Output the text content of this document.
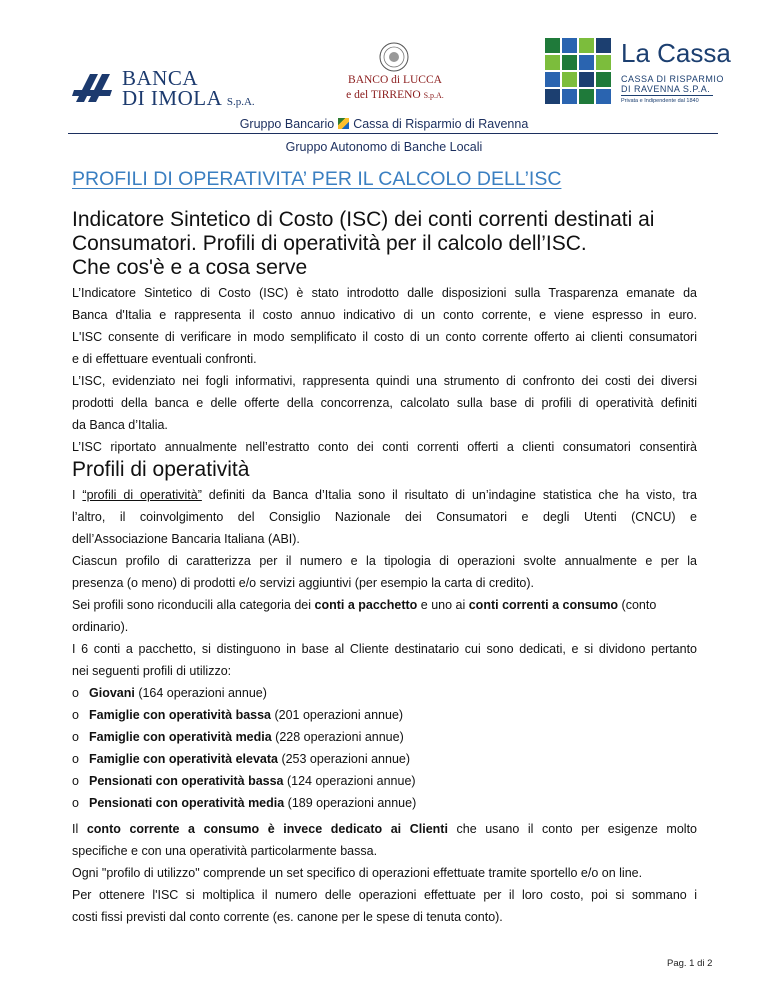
BANCA
DI IMOLA S.p.A.
BANCO di LUCCA
e del TIRRENO S.p.A.
La Cassa
CASSA DI RISPARMIO
DI RAVENNA S.P.A.
Privata e Indipendente dal 1840
Gruppo Bancario Cassa di Risparmio di Ravenna
Gruppo Autonomo di Banche Locali
PROFILI DI OPERATIVITA’ PER IL CALCOLO DELL’ISC
Indicatore Sintetico di Costo (ISC) dei conti correnti destinati ai
Consumatori. Profili di operatività per il calcolo dell’ISC.
Che cos'è e a cosa serve
L’Indicatore Sintetico di Costo (ISC) è stato introdotto dalle disposizioni sulla Trasparenza emanate da
Banca d'Italia e rappresenta il costo annuo indicativo di un conto corrente, e viene espresso in euro.
L'ISC consente di verificare in modo semplificato il costo di un conto corrente offerto ai clienti consumatori
e di effettuare eventuali confronti.
L’ISC, evidenziato nei fogli informativi, rappresenta quindi una strumento di confronto dei costi dei diversi
prodotti della banca e delle offerte della concorrenza, calcolato sulla base di profili di operatività definiti
da Banca d’Italia.
L’ISC riportato annualmente nell’estratto conto dei conti correnti offerti a clienti consumatori consentirà
Profili di operatività
I “profili di operatività” definiti da Banca d’Italia sono il risultato di un’indagine statistica che ha visto, tra
l’altro, il coinvolgimento del Consiglio Nazionale dei Consumatori e degli Utenti (CNCU) e
dell’Associazione Bancaria Italiana (ABI).
Ciascun profilo di caratterizza per il numero e la tipologia di operazioni svolte annualmente e per la
presenza (o meno) di prodotti e/o servizi aggiuntivi (per esempio la carta di credito).
Sei profili sono riconducili alla categoria dei conti a pacchetto e uno ai conti correnti a consumo (conto
ordinario).
I 6 conti a pacchetto, si distinguono in base al Cliente destinatario cui sono dedicati, e si dividono pertanto
nei seguenti profili di utilizzo:
o Giovani (164 operazioni annue)
o Famiglie con operatività bassa (201 operazioni annue)
o Famiglie con operatività media (228 operazioni annue)
o Famiglie con operatività elevata (253 operazioni annue)
o Pensionati con operatività bassa (124 operazioni annue)
o Pensionati con operatività media (189 operazioni annue)
Il conto corrente a consumo è invece dedicato ai Clienti che usano il conto per esigenze molto
specifiche e con una operatività particolarmente bassa.
Ogni "profilo di utilizzo" comprende un set specifico di operazioni effettuate tramite sportello e/o on line.
Per ottenere l'ISC si moltiplica il numero delle operazioni effettuate per il loro costo, poi si sommano i
costi fissi previsti dal conto corrente (es. canone per le spese di tenuta conto).
Pag. 1 di 2
